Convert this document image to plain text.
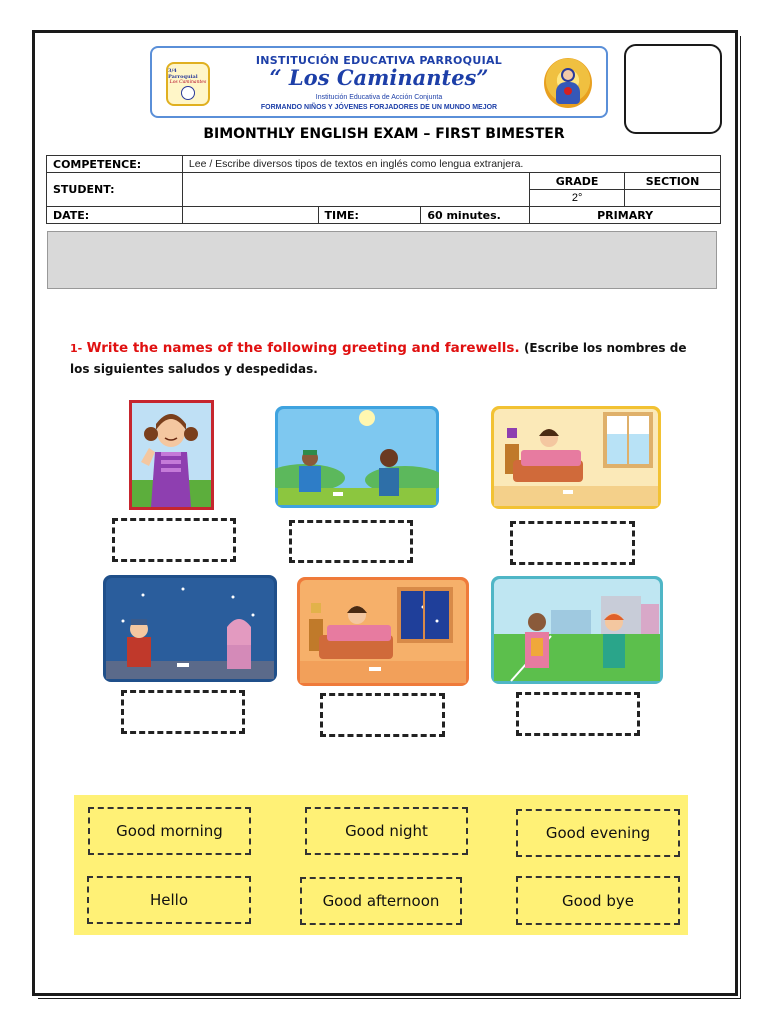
3/4 Parroquial
Los Caminantes
INSTITUCIÓN EDUCATIVA PARROQUIAL
“ Los Caminantes”
Institución Educativa de Acción Conjunta
FORMANDO NIÑOS Y JÓVENES FORJADORES DE UN MUNDO MEJOR
BIMONTHLY ENGLISH EXAM – FIRST BIMESTER
COMPETENCE:	Lee / Escribe diversos tipos de textos en inglés como lengua extranjera.				
STUDENT:				GRADE	SECTION
				2°	
DATE:		TIME:	60 minutes.	PRIMARY	
1- Write the names of the following greeting and farewells. (Escribe los nombres de los siguientes saludos y despedidas.
Good morning	Good night	Good evening
Hello	Good afternoon	Good bye
